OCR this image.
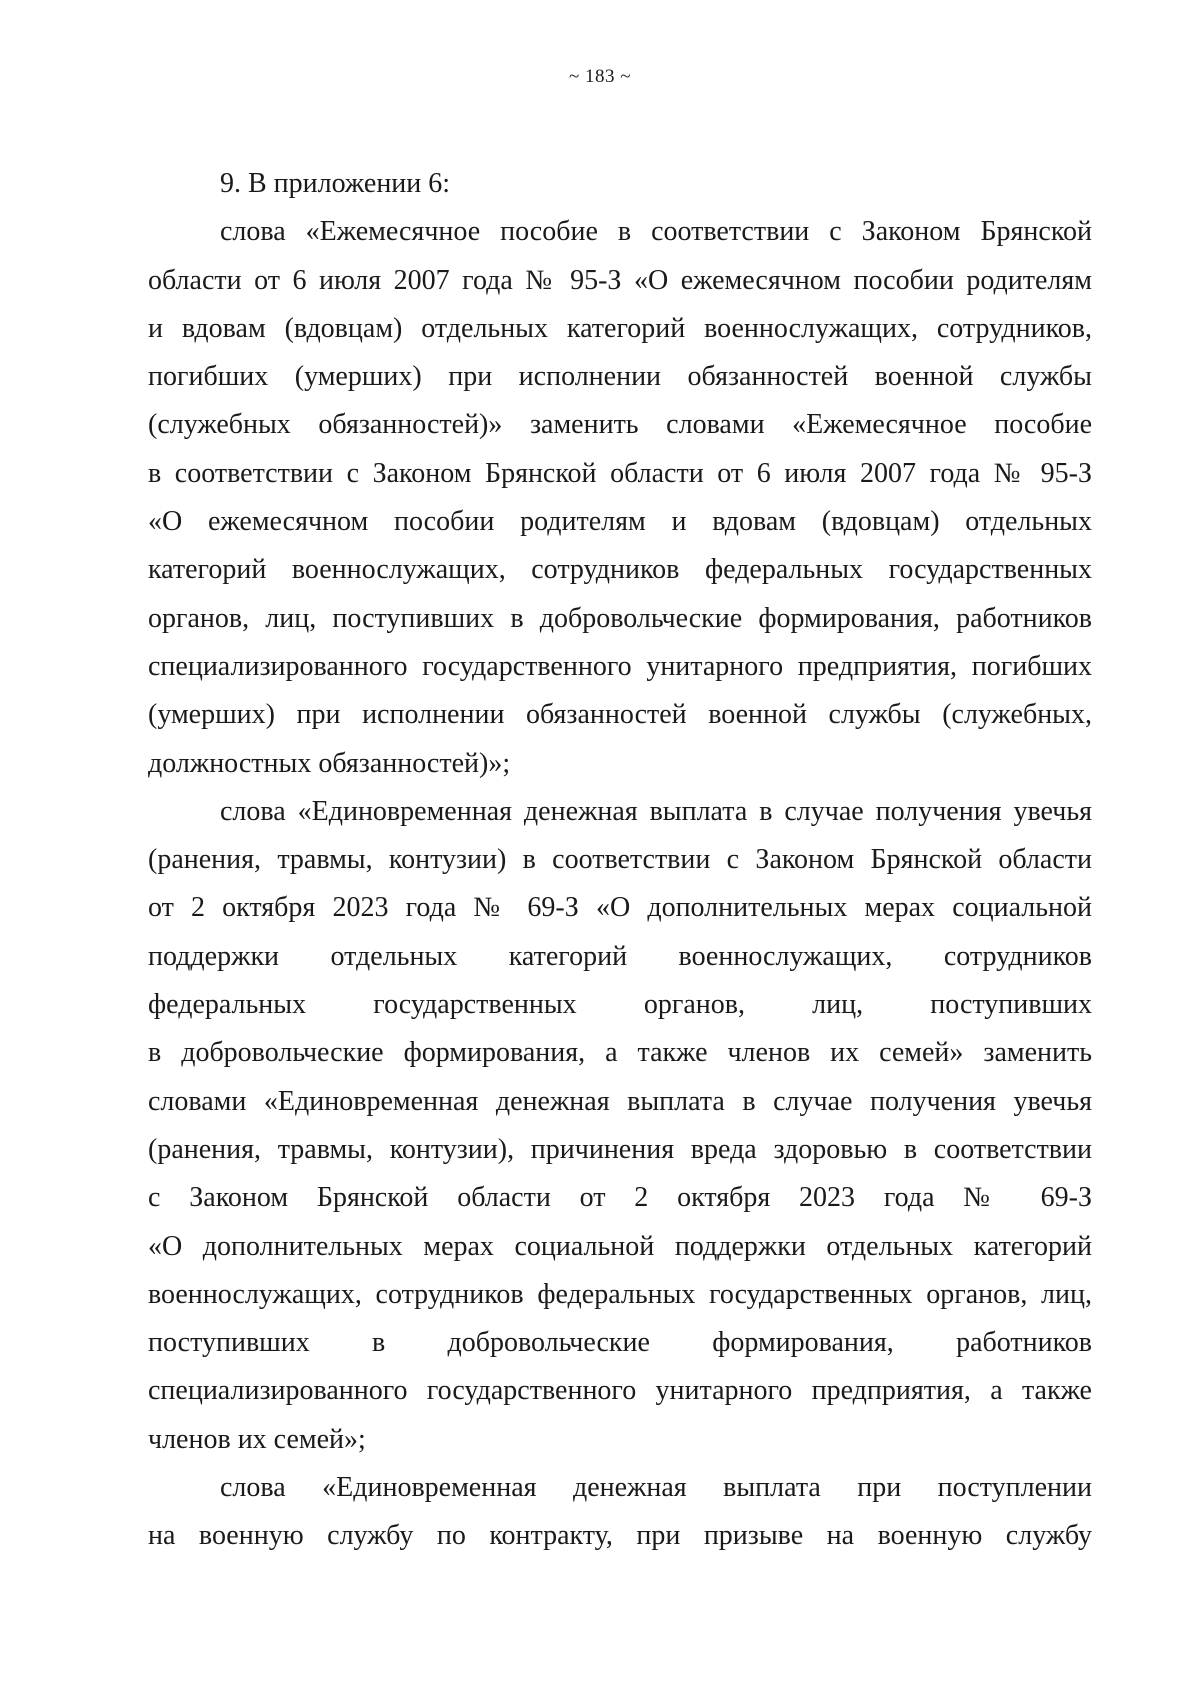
~ 183 ~
9. В приложении 6:
слова «Ежемесячное пособие в соответствии с Законом Брянской
области от 6 июля 2007 года № 95-З «О ежемесячном пособии родителям
и вдовам (вдовцам) отдельных категорий военнослужащих, сотрудников,
погибших (умерших) при исполнении обязанностей военной службы
(служебных обязанностей)» заменить словами «Ежемесячное пособие
в соответствии с Законом Брянской области от 6 июля 2007 года № 95-З
«О ежемесячном пособии родителям и вдовам (вдовцам) отдельных
категорий военнослужащих, сотрудников федеральных государственных
органов, лиц, поступивших в добровольческие формирования, работников
специализированного государственного унитарного предприятия, погибших
(умерших) при исполнении обязанностей военной службы (служебных,
должностных обязанностей)»;
слова «Единовременная денежная выплата в случае получения увечья
(ранения, травмы, контузии) в соответствии с Законом Брянской области
от 2 октября 2023 года № 69-З «О дополнительных мерах социальной
поддержки отдельных категорий военнослужащих, сотрудников
федеральных государственных органов, лиц, поступивших
в добровольческие формирования, а также членов их семей» заменить
словами «Единовременная денежная выплата в случае получения увечья
(ранения, травмы, контузии), причинения вреда здоровью в соответствии
с Законом Брянской области от 2 октября 2023 года № 69-З
«О дополнительных мерах социальной поддержки отдельных категорий
военнослужащих, сотрудников федеральных государственных органов, лиц,
поступивших в добровольческие формирования, работников
специализированного государственного унитарного предприятия, а также
членов их семей»;
слова «Единовременная денежная выплата при поступлении
на военную службу по контракту, при призыве на военную службу
